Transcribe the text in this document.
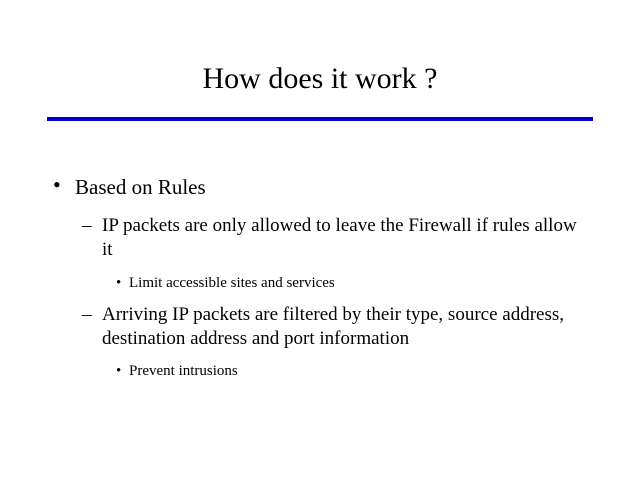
How does it work ?
• Based on Rules

– IP packets are only allowed to leave the Firewall if rules allow it

• Limit accessible sites and services

– Arriving IP packets are filtered by their type, source address, destination address and port information

• Prevent intrusions
